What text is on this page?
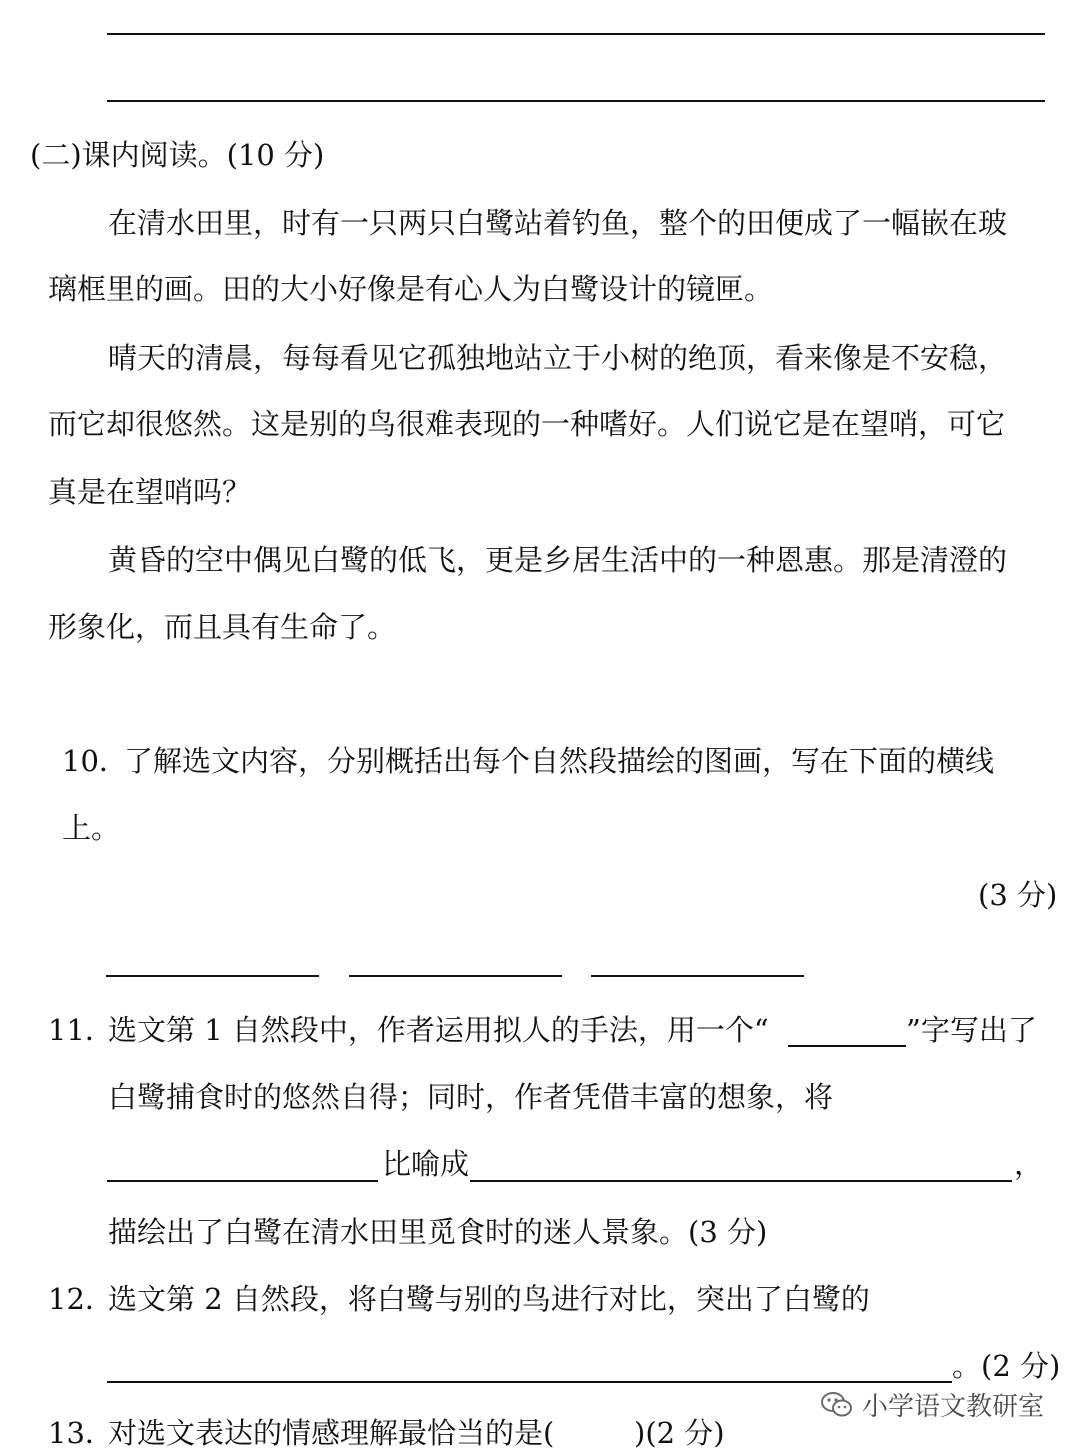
(二)课内阅读。(10 分)
在清水田里，时有一只两只白鹭站着钓鱼，整个的田便成了一幅嵌在玻
璃框里的画。田的大小好像是有心人为白鹭设计的镜匣。
晴天的清晨，每每看见它孤独地站立于小树的绝顶，看来像是不安稳，
而它却很悠然。这是别的鸟很难表现的一种嗜好。人们说它是在望哨，可它
真是在望哨吗？
黄昏的空中偶见白鹭的低飞，更是乡居生活中的一种恩惠。那是清澄的
形象化，而且具有生命了。
10．
了解选文内容，分别概括出每个自然段描绘的图画，写在下面的横线
上。
(3 分)
11．
选文第 1 自然段中，作者运用拟人的手法，用一个“	”字写出了
白鹭捕食时的悠然自得；同时，作者凭借丰富的想象，将
比喻成	，
描绘出了白鹭在清水田里觅食时的迷人景象。(3 分)
12．
选文第 2 自然段，将白鹭与别的鸟进行对比，突出了白鹭的
。(2 分)
13．
对选文表达的情感理解最恰当的是(	)(2 分)
小学语文教研室
